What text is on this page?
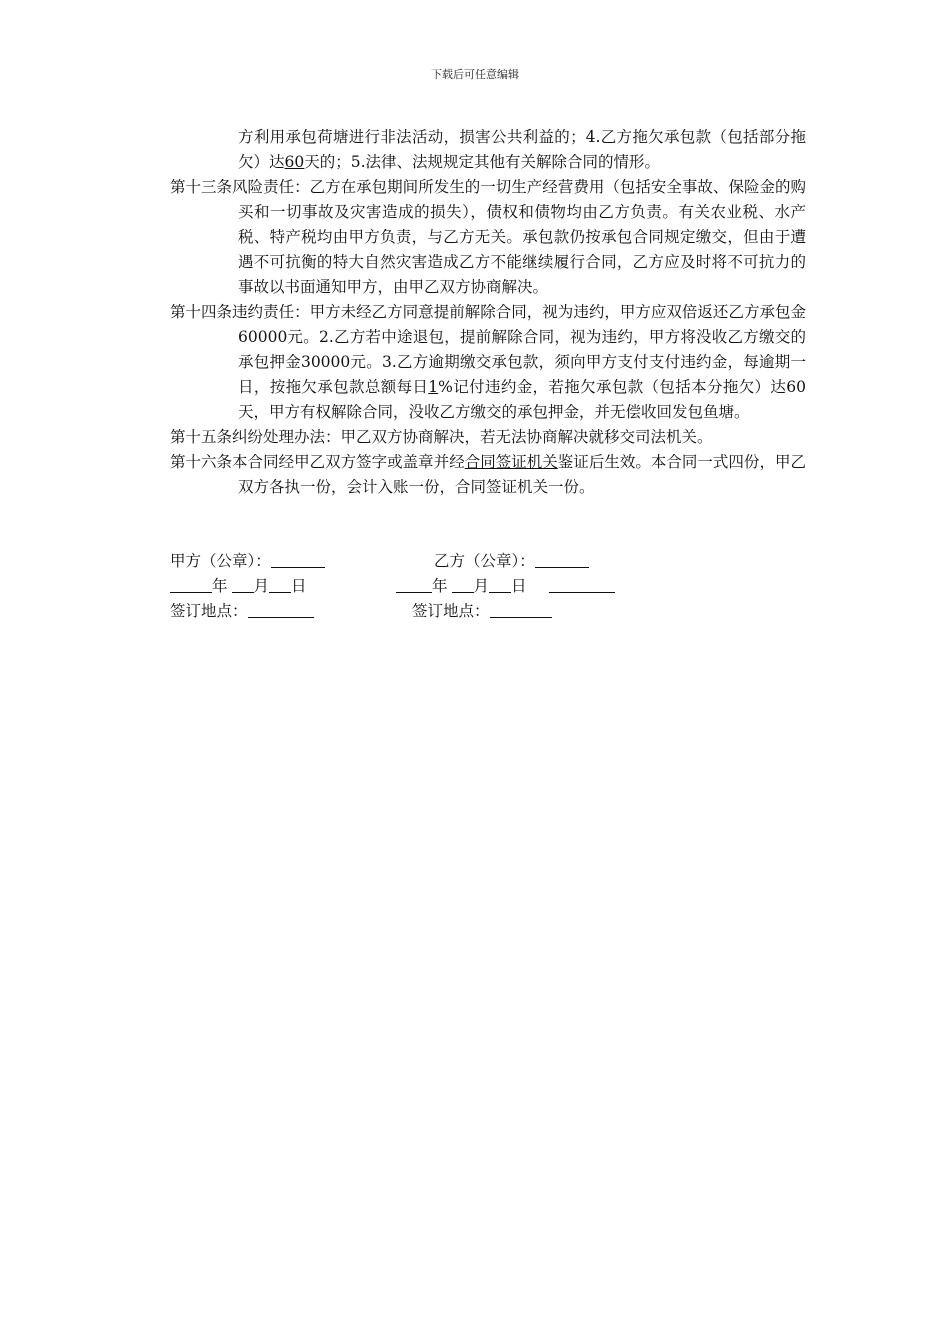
下载后可任意编辑

方利用承包荷塘进行非法活动，损害公共利益的；4.乙方拖欠承包款（包括部分拖欠）达60天的；5.法律、法规规定其他有关解除合同的情形。

第十三条风险责任：乙方在承包期间所发生的一切生产经营费用（包括安全事故、保险金的购买和一切事故及灾害造成的损失），债权和债物均由乙方负责。有关农业税、水产税、特产税均由甲方负责，与乙方无关。承包款仍按承包合同规定缴交，但由于遭遇不可抗衡的特大自然灾害造成乙方不能继续履行合同，乙方应及时将不可抗力的事故以书面通知甲方，由甲乙双方协商解决。

第十四条违约责任：甲方未经乙方同意提前解除合同，视为违约，甲方应双倍返还乙方承包金60000元。2.乙方若中途退包，提前解除合同，视为违约，甲方将没收乙方缴交的承包押金30000元。3.乙方逾期缴交承包款，须向甲方支付支付违约金，每逾期一日，按拖欠承包款总额每日1%记付违约金，若拖欠承包款（包括本分拖欠）达60天，甲方有权解除合同，没收乙方缴交的承包押金，并无偿收回发包鱼塘。

第十五条纠纷处理办法：甲乙双方协商解决，若无法协商解决就移交司法机关。

第十六条本合同经甲乙双方签字或盖章并经合同签证机关鉴证后生效。本合同一式四份，甲乙双方各执一份，会计入账一份，合同签证机关一份。

甲方（公章）：	乙方（公章）：
年 月 日	年 月 日
签订地点：	签订地点：
